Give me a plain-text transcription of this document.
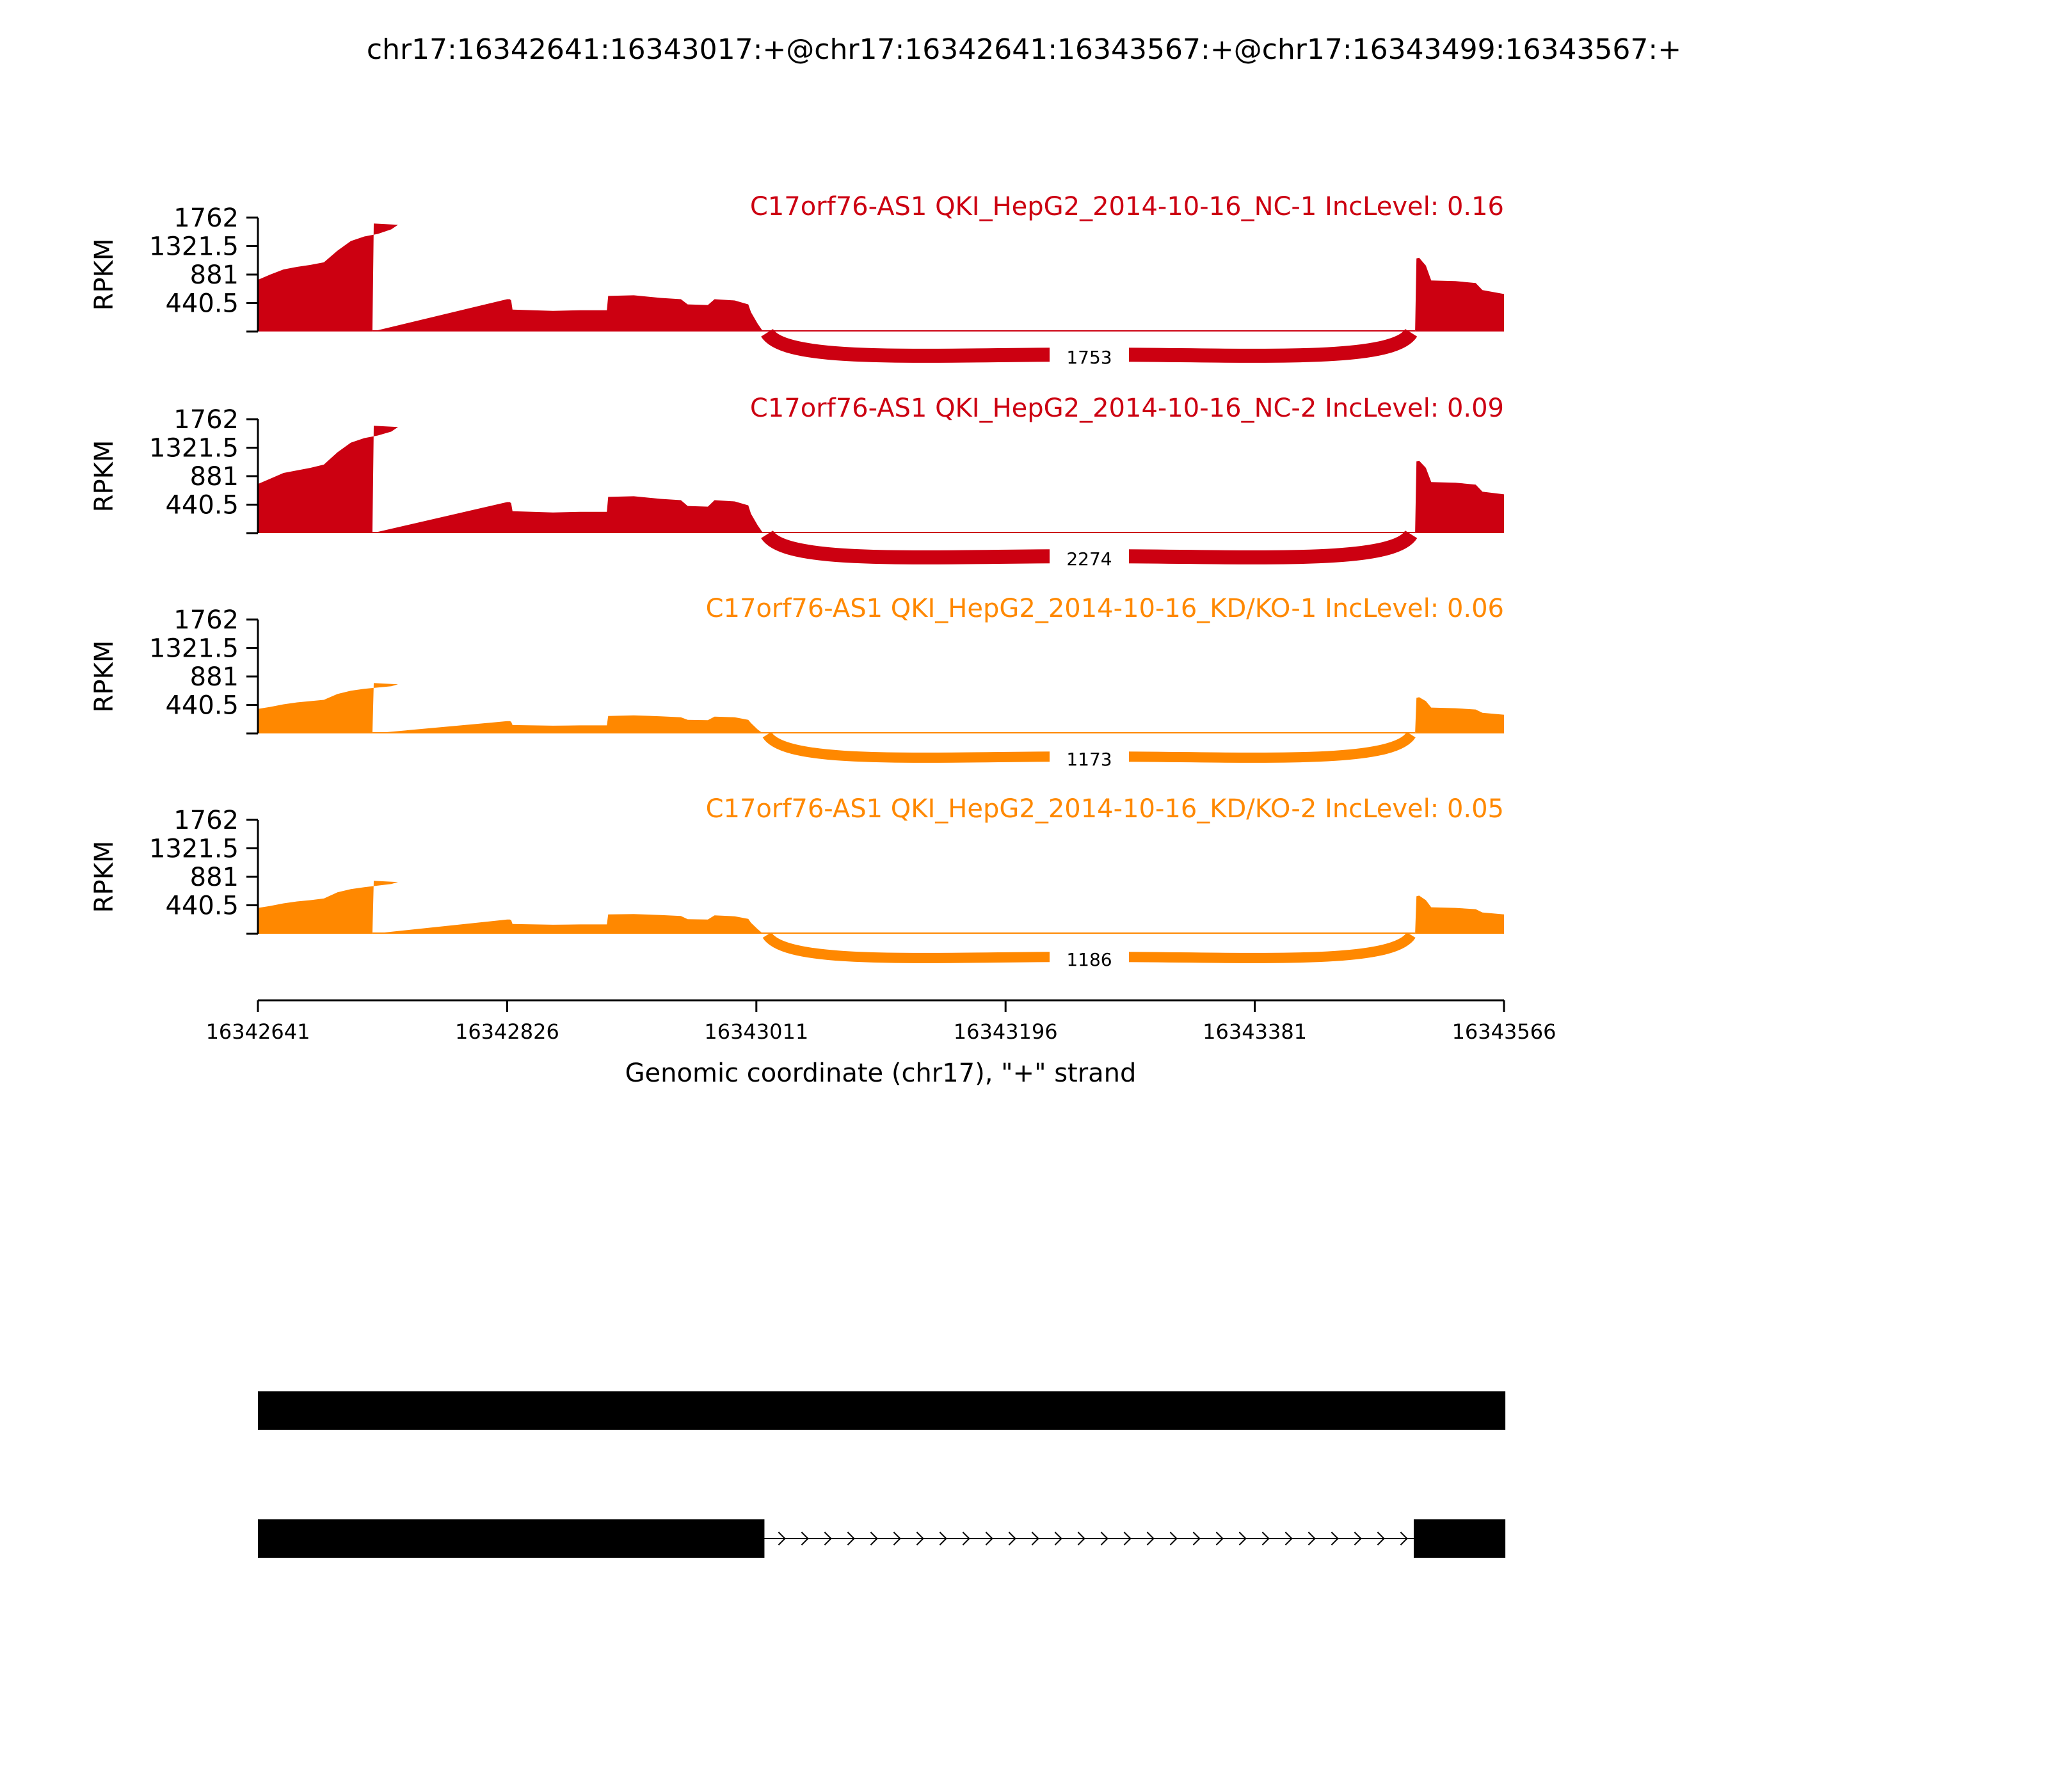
chr17:16342641:16343017:+@chr17:16342641:16343567:+@chr17:16343499:16343567:+
1753
C17orf76-AS1 QKI_HepG2_2014-10-16_NC-1 IncLevel: 0.16
1762
1321.5
881
440.5
RPKM
2274
C17orf76-AS1 QKI_HepG2_2014-10-16_NC-2 IncLevel: 0.09
1762
1321.5
881
440.5
RPKM
1173
C17orf76-AS1 QKI_HepG2_2014-10-16_KD/KO-1 IncLevel: 0.06
1762
1321.5
881
440.5
RPKM
1186
C17orf76-AS1 QKI_HepG2_2014-10-16_KD/KO-2 IncLevel: 0.05
1762
1321.5
881
440.5
RPKM
16342641	16342826	16343011	16343196	16343381	16343566
Genomic coordinate (chr17), "+" strand
